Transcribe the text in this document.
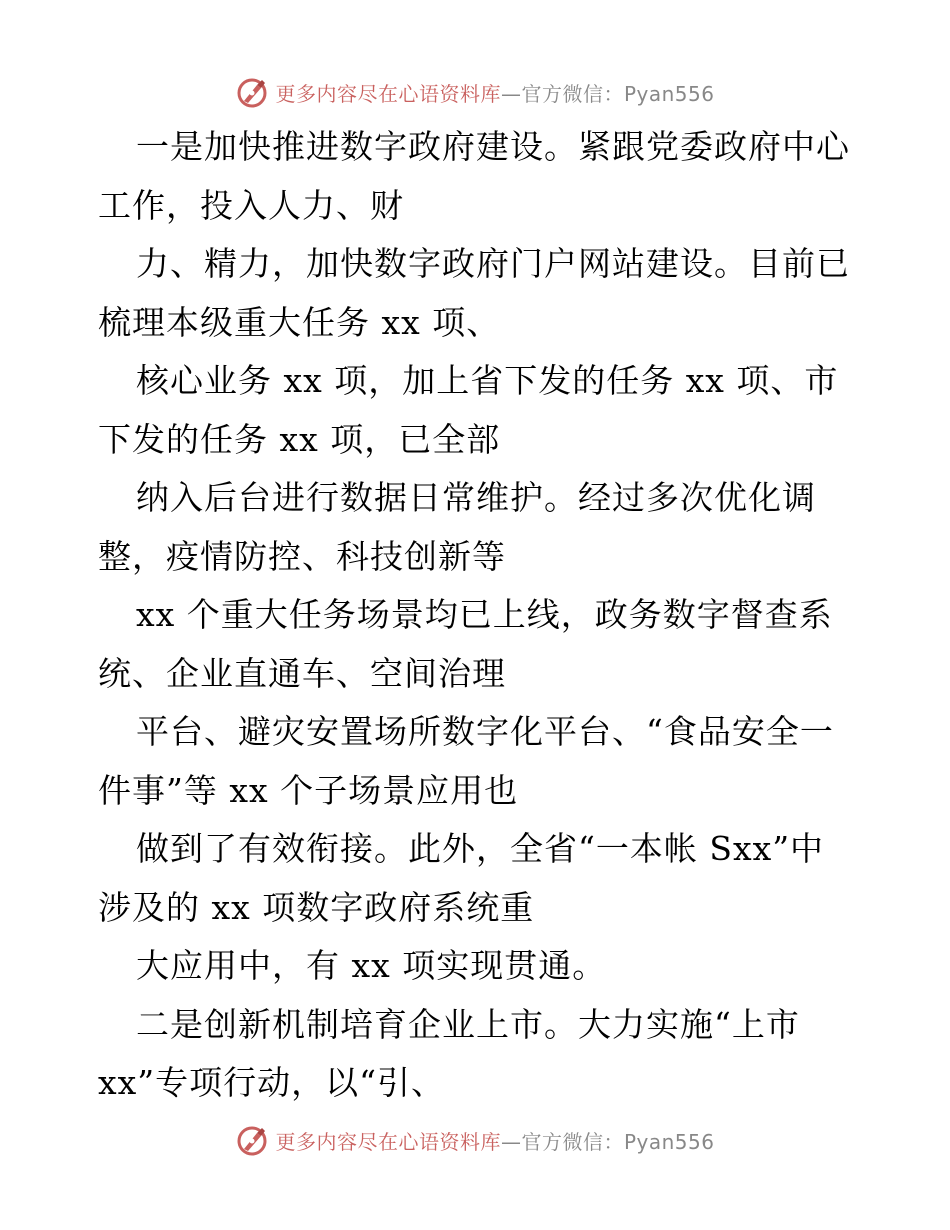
更多内容尽在心语资料库—官方微信：Pyan556
一是加快推进数字政府建设。紧跟党委政府中心
工作，投入人力、财
力、精力，加快数字政府门户网站建设。目前已
梳理本级重大任务 xx 项、
核心业务 xx 项，加上省下发的任务 xx 项、市
下发的任务 xx 项，已全部
纳入后台进行数据日常维护。经过多次优化调
整，疫情防控、科技创新等
xx 个重大任务场景均已上线，政务数字督查系
统、企业直通车、空间治理
平台、避灾安置场所数字化平台、“食品安全一
件事”等 xx 个子场景应用也
做到了有效衔接。此外，全省“一本帐 Sxx”中
涉及的 xx 项数字政府系统重
大应用中，有 xx 项实现贯通。
二是创新机制培育企业上市。大力实施“上市
xx”专项行动，以“引、
更多内容尽在心语资料库—官方微信：Pyan556
